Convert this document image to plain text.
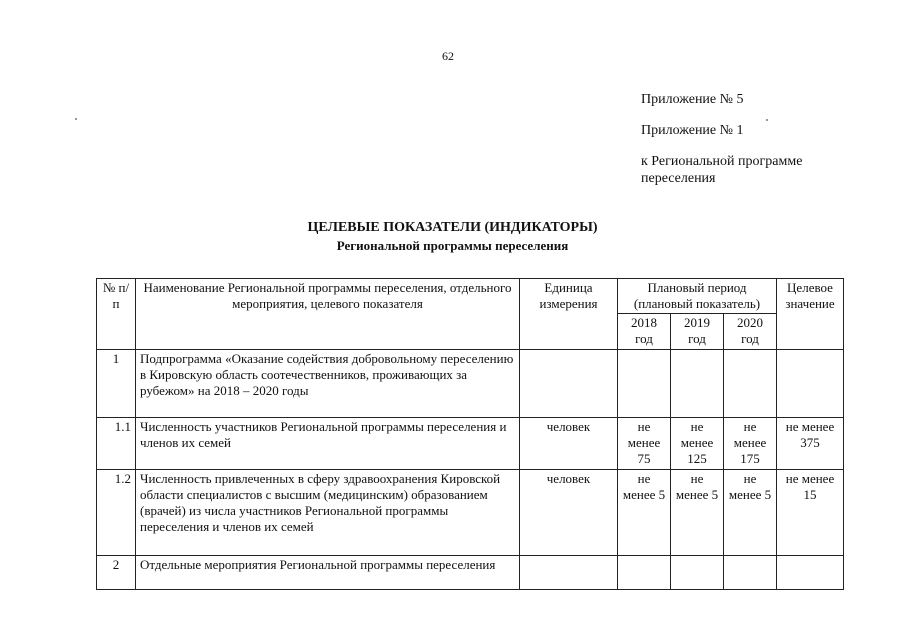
62
Приложение № 5
Приложение № 1
к Региональной программе
переселения
ЦЕЛЕВЫЕ ПОКАЗАТЕЛИ (ИНДИКАТОРЫ)
Региональной программы переселения
№ п/п	Наименование Региональной программы переселения, отдельного мероприятия, целевого показателя	Единица измерения	Плановый период (плановый показатель)			Целевое значение
			2018 год	2019 год	2020 год	
1	Подпрограмма «Оказание содействия добровольному переселению в Кировскую область соотечественников, проживающих за рубежом» на 2018 – 2020 годы					
1.1	Численность участников Региональной программы переселения и членов их семей	человек	не менее 75	не менее 125	не менее 175	не менее 375
1.2	Численность привлеченных в сферу здравоохранения Кировской области специалистов с высшим (медицинским) образованием (врачей) из числа участников Региональной программы переселения и членов их семей	человек	не менее 5	не менее 5	не менее 5	не менее 15
2	Отдельные мероприятия Региональной программы переселения					
